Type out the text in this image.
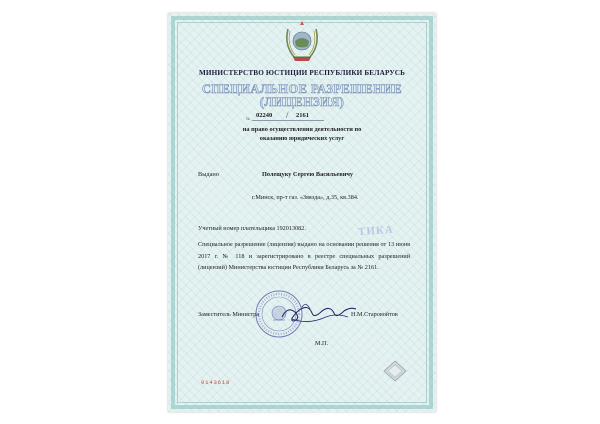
МИНИСТЕРСТВО ЮСТИЦИИ РЕСПУБЛИКИ БЕЛАРУСЬ
· · · · · · · · · · · · · · · · · · · · · · · · · · · · ·
СПЕЦИАЛЬНОЕ РАЗРЕШЕНИЕ
(ЛИЦЕНЗИЯ)
№ 02240 / 2161
на право осуществления деятельности по
оказанию юридических услуг
Выдано	Полещуку Сергею Васильевичу
г.Минск, пр-т газ. «Звязда», д.35, кв.384.
ТИКА
Учетный номер плательщика 192013082.
Специальное разрешение (лицензия) выдано на основании решения от 13 июня 2017 г. № 118 и зарегистрировано в реестре специальных разрешений (лицензий) Министерства юстиции Республики Беларусь за № 2161.
Заместитель Министра	Н.М.Старовойтов
М.П.
0143618
